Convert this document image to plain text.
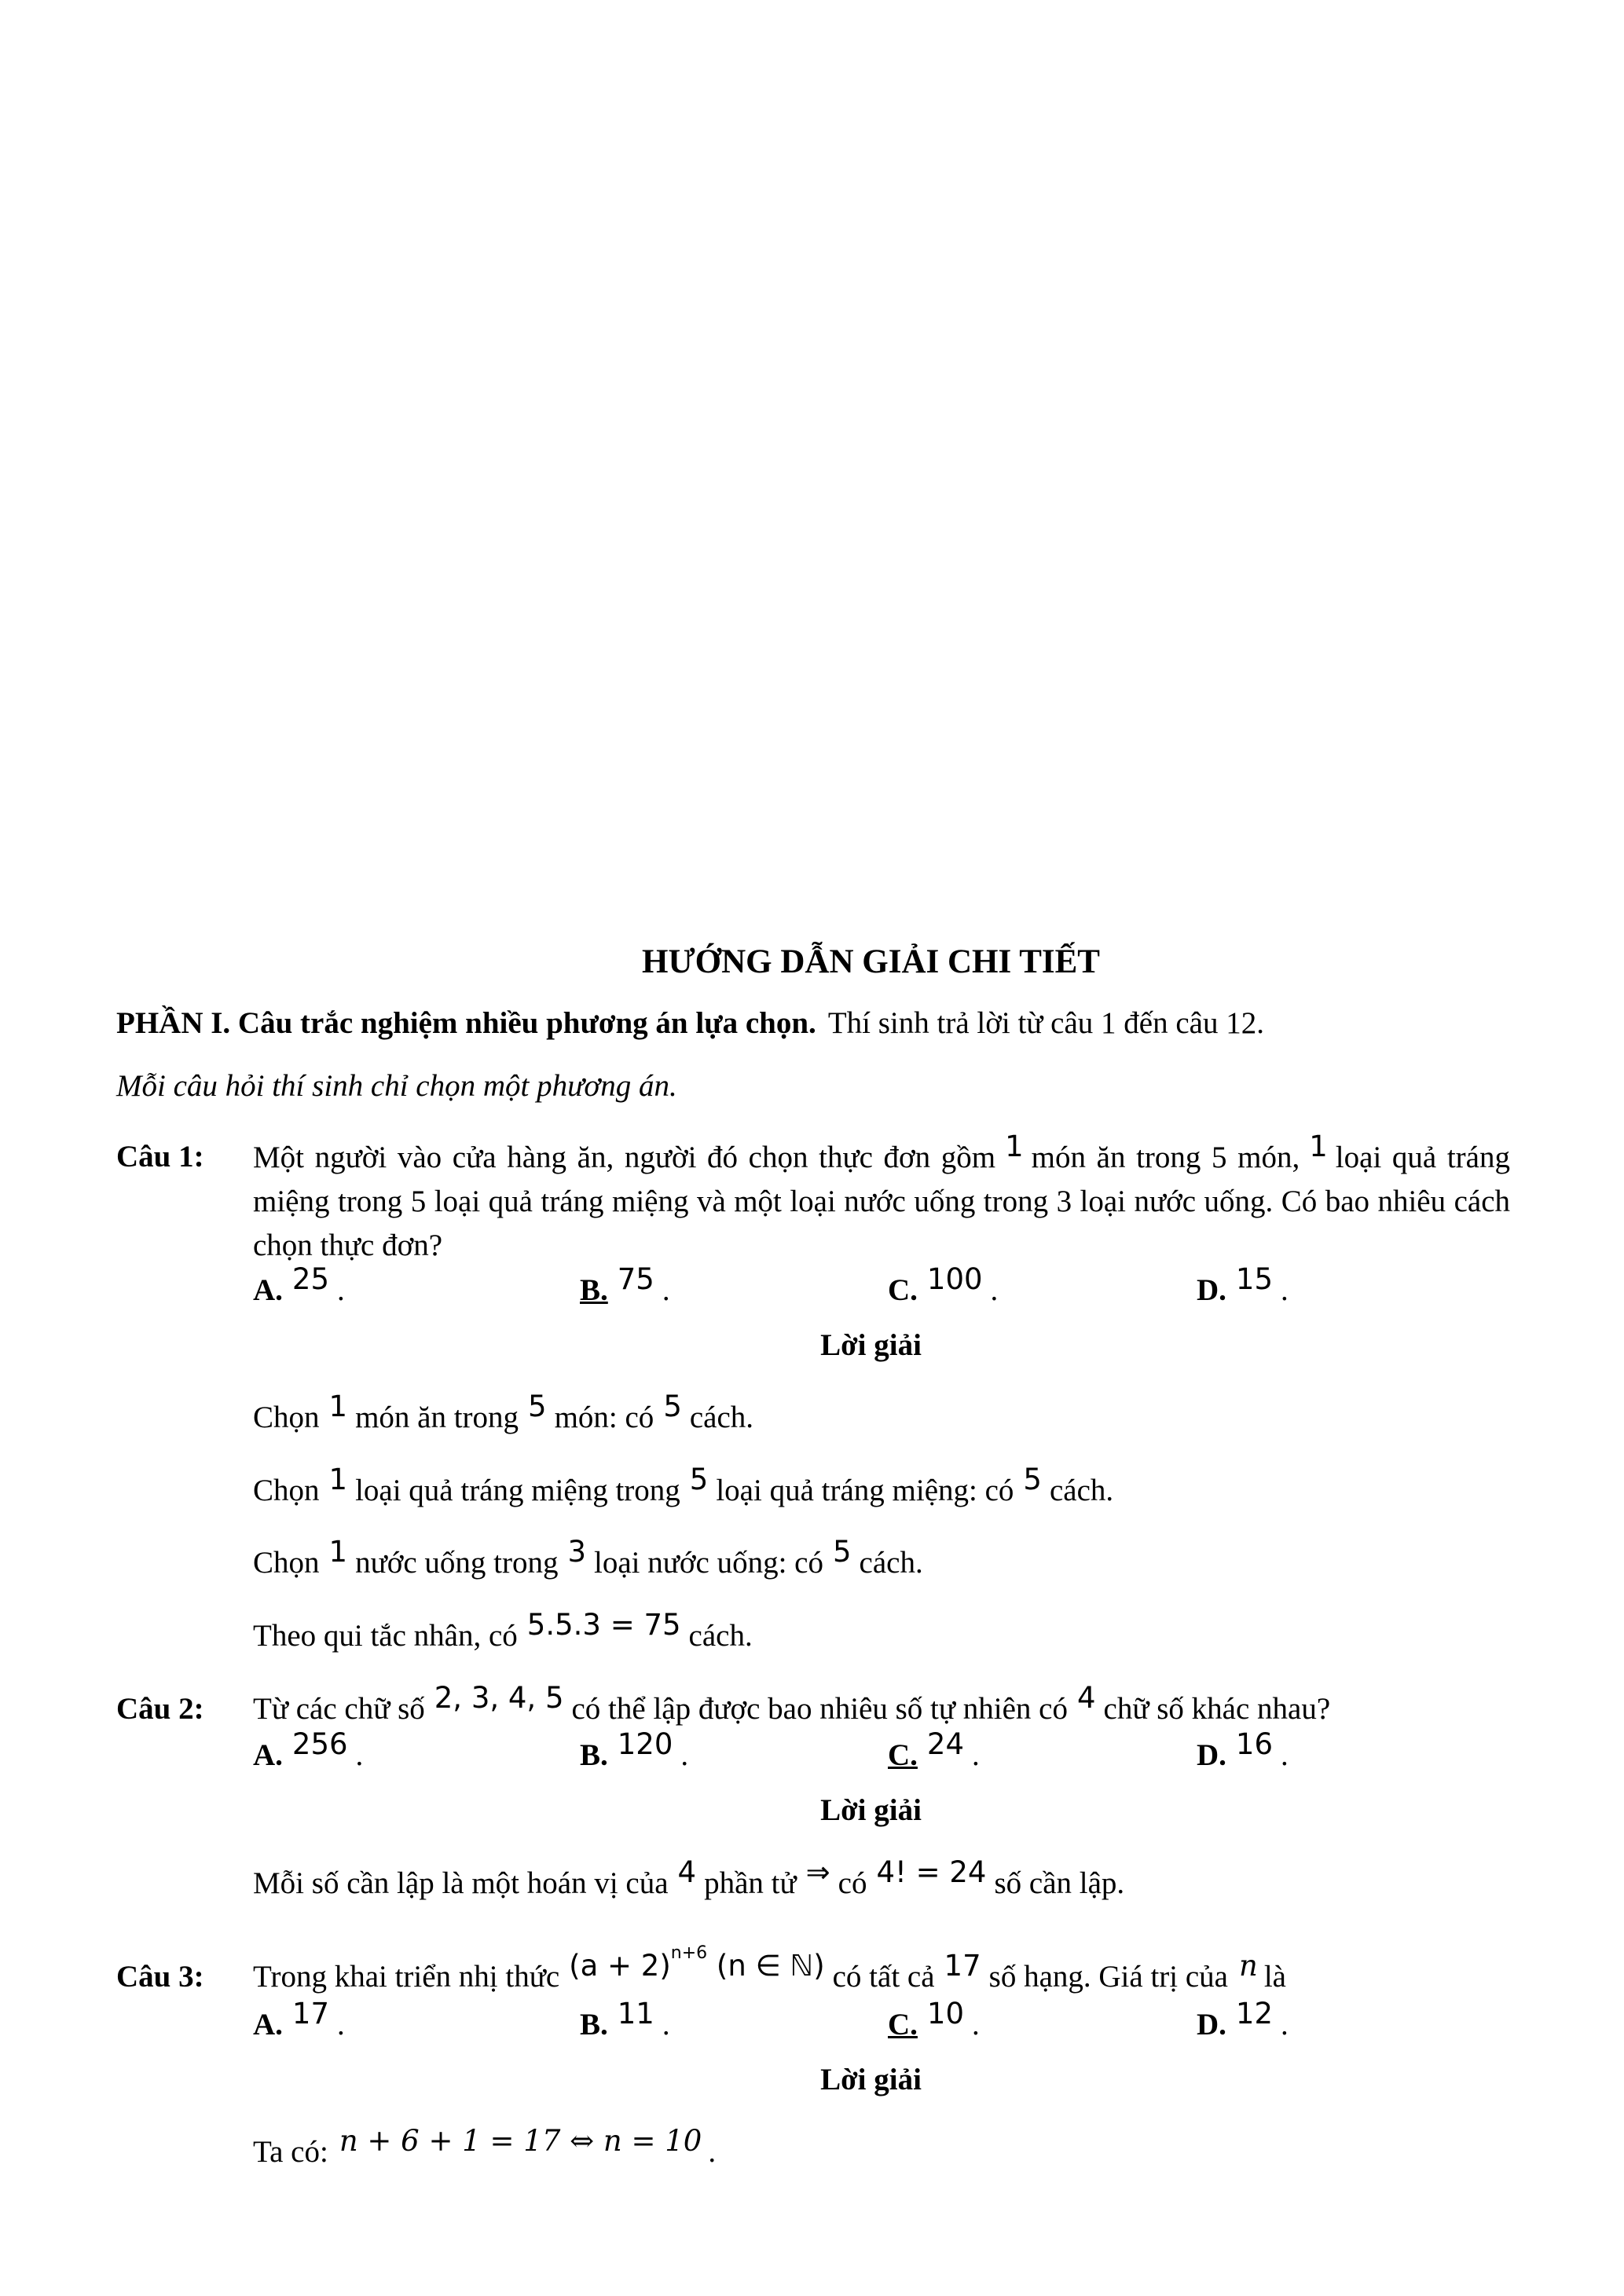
HƯỚNG DẪN GIẢI CHI TIẾT
PHẦN I. Câu trắc nghiệm nhiều phương án lựa chọn. Thí sinh trả lời từ câu 1 đến câu 12.
Mỗi câu hỏi thí sinh chỉ chọn một phương án.
Câu 1: Một người vào cửa hàng ăn, người đó chọn thực đơn gồm 1 món ăn trong 5 món, 1 loại quả tráng miệng trong 5 loại quả tráng miệng và một loại nước uống trong 3 loại nước uống. Có bao nhiêu cách chọn thực đơn?
A. 25 .	B. 75 .	C. 100 .	D. 15 .
Lời giải
Chọn 1 món ăn trong 5 món: có 5 cách.
Chọn 1 loại quả tráng miệng trong 5 loại quả tráng miệng: có 5 cách.
Chọn 1 nước uống trong 3 loại nước uống: có 5 cách.
Theo qui tắc nhân, có 5.5.3 = 75 cách.
Câu 2: Từ các chữ số 2, 3, 4, 5 có thể lập được bao nhiêu số tự nhiên có 4 chữ số khác nhau?
A. 256 .	B. 120 .	C. 24 .	D. 16 .
Lời giải
Mỗi số cần lập là một hoán vị của 4 phần tử ⇒ có 4! = 24 số cần lập.
Câu 3: Trong khai triển nhị thức $(a + 2)^{n+6}$ (n ∈ ℕ) có tất cả 17 số hạng. Giá trị của n là
A. 17 .	B. 11 .	C. 10 .	D. 12 .
Lời giải
Ta có: n + 6 + 1 = 17 ⇔ n = 10 .
